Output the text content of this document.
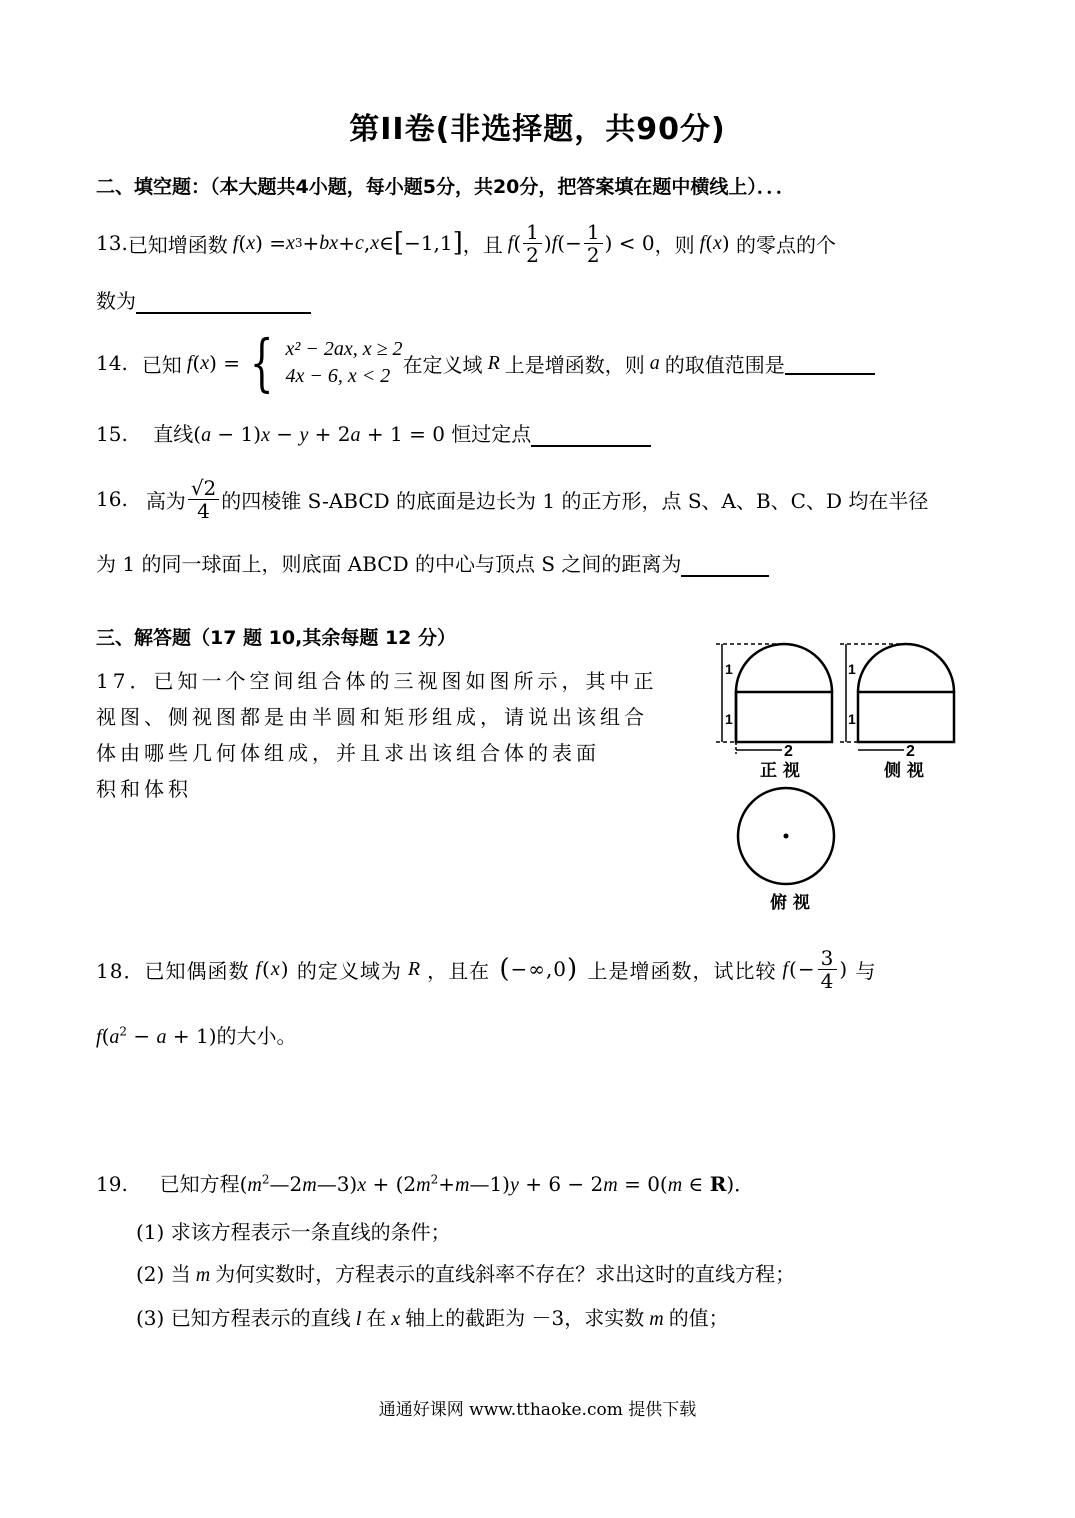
第II卷(非选择题，共90分)
二、填空题：（本大题共4小题，每小题5分，共20分，把答案填在题中横线上）．．．
13. 已知增函数 f ( x ) = x 3 + bx + c , x ∈ [ −1,1 ] ，且 f ( $\frac{1}{2}$ ) f (− $\frac{1}{2}$ ) < 0 ，则 f ( x ) 的零点的个
数为
14. 已知 f ( x ) = { x² − 2ax, x ≥ 2
4x − 6, x < 2 在定义域 R 上是增函数，则 a 的取值范围是
15. 直线(a − 1)x − y + 2a + 1 = 0 恒过定点
16. 高为 $\frac{√2}{4}$ 的四棱锥 S-ABCD 的底面是边长为 1 的正方形，点 S、A、B、C、D 均在半径
为 1 的同一球面上，则底面 ABCD 的中心与顶点 S 之间的距离为
三、解答题（17 题 10,其余每题 12 分）
17．已知一个空间组合体的三视图如图所示，其中正
视图、侧视图都是由半圆和矩形组成，请说出该组合
体由哪些几何体组成，并且求出该组合体的表面
积和体积
1
1
2
正 视
1
1
2
侧 视
俯 视
18． 已知偶函数 f ( x ) 的定义域为 R ，且在 ( −∞,0 ) 上是增函数， 试比较 f (− $\frac{3}{4}$ ) 与
$f(a^2 - a + 1)$的大小。
19. 已知方程$(m^2—2m—3)x$ + $(2m^2+m—1)y + 6 - 2m = 0(m$ ∈ R)．
(1) 求该方程表示一条直线的条件；
(2) 当 m 为何实数时，方程表示的直线斜率不存在？求出这时的直线方程；
(3) 已知方程表示的直线 l 在 x 轴上的截距为 －3，求实数 m 的值；
通通好课网 www.tthaoke.com 提供下载
